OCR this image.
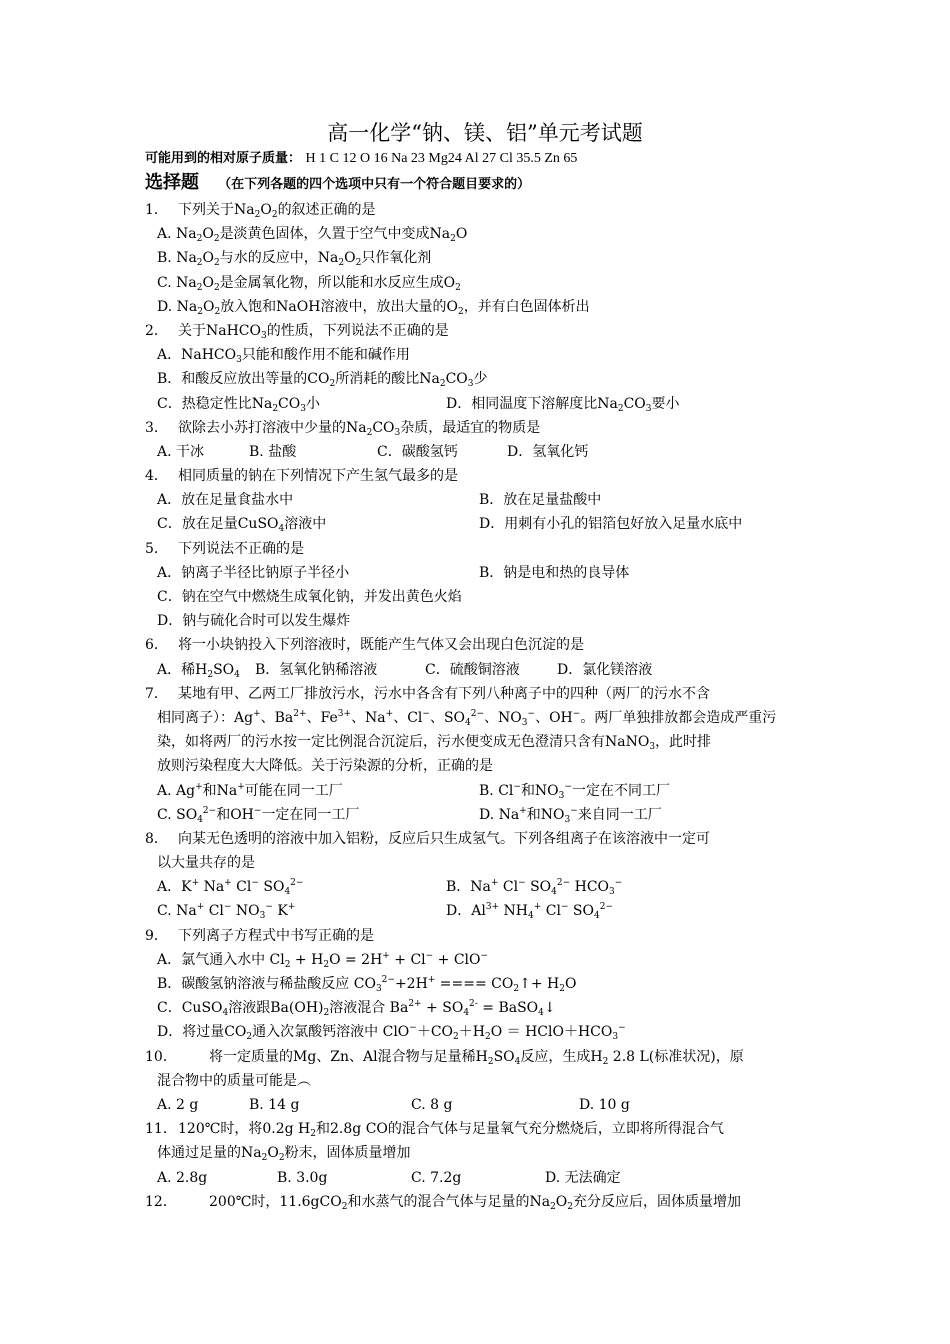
高一化学“钠、镁、铝”单元考试题
可能用到的相对原子质量： H 1 C 12 O 16 Na 23 Mg24 Al 27 Cl 35.5 Zn 65
选择题 （在下列各题的四个选项中只有一个符合题目要求的）
1． 下列关于$Na_2O_2$的叙述正确的是
A. $Na_2O_2$是淡黄色固体，久置于空气中变成$Na_2O$
B. $Na_2O_2$与水的反应中，$Na_2O_2$只作氧化剂
C. $Na_2O_2$是金属氧化物，所以能和水反应生成$O_2$
D. $Na_2O_2$放入饱和NaOH溶液中，放出大量的$O_2$，并有白色固体析出
2． 关于NaHCO$_3$的性质，下列说法不正确的是
A．NaHCO$_3$只能和酸作用不能和碱作用
B．和酸反应放出等量的$CO_2$所消耗的酸比$Na_2CO_3$少
C．热稳定性比$Na_2CO_3$小	D．相同温度下溶解度比$Na_2CO_3$要小
3． 欲除去小苏打溶液中少量的$Na_2CO_3$杂质，最适宜的物质是
A. 干冰	B. 盐酸	C．碳酸氢钙	D．氢氧化钙
4． 相同质量的钠在下列情况下产生氢气最多的是
A．放在足量食盐水中	B．放在足量盐酸中
C．放在足量CuSO$_4$溶液中	D．用刺有小孔的铝箔包好放入足量水底中
5． 下列说法不正确的是
A．钠离子半径比钠原子半径小	B．钠是电和热的良导体
C．钠在空气中燃烧生成氧化钠，并发出黄色火焰
D．钠与硫化合时可以发生爆炸
6． 将一小块钠投入下列溶液时，既能产生气体又会出现白色沉淀的是
A．稀$H_2SO_4$ B．氢氧化钠稀溶液	C．硫酸铜溶液	D．氯化镁溶液
7． 某地有甲、乙两工厂排放污水，污水中各含有下列八种离子中的四种（两厂的污水不含
相同离子）：Ag+、$Ba^{2+}$、$Fe^{3+}$、Na+、Cl−、$SO_4^{2-}$、$NO_3^-$、OH−。两厂单独排放都会造成严重污
染，如将两厂的污水按一定比例混合沉淀后，污水便变成无色澄清只含有NaNO$_3$，此时排
放则污染程度大大降低。关于污染源的分析，正确的是
A. Ag+和Na+可能在同一工厂	B. Cl−和$NO_3^-$一定在不同工厂
C. $SO_4^{2-}$和OH−一定在同一工厂	D. Na+和$NO_3^-$来自同一工厂
8． 向某无色透明的溶液中加入铝粉，反应后只生成氢气。下列各组离子在该溶液中一定可
以大量共存的是
A．K+ Na+ Cl− $SO_4^{2-}$	B．Na+ Cl− $SO_4^{2-}$ $HCO_3^-$
C. Na+ Cl− $NO_3^-$ K+	D．$Al^{3+}$ $NH_4^+$ Cl− $SO_4^{2-}$
9． 下列离子方程式中书写正确的是
A．氯气通入水中 $Cl_2 + H_2O = 2H^+ + Cl^- + ClO^-$
B．碳酸氢钠溶液与稀盐酸反应 $CO_3^{2-}+2H^+$ ==== $CO_2↑+ H_2O$
C．CuSO$_4$溶液跟$Ba(OH)_2$溶液混合 $Ba^{2+} + SO_4^{2-}$ = BaSO$_4$↓
D．将过量$CO_2$通入次氯酸钙溶液中 $ClO^-+CO_2+H_2O$ ＝ $HClO+HCO_3^-$
10． 将一定质量的Mg、Zn、Al混合物与足量稀$H_2SO_4$反应，生成$H_2$ 2.8 L(标准状况)，原
混合物中的质量可能是︵
A. 2 g	B. 14 g	C. 8 g	D. 10 g
11．120℃时，将0.2g $H_2$和2.8g CO的混合气体与足量氧气充分燃烧后，立即将所得混合气
体通过足量的$Na_2O_2$粉末，固体质量增加
A. 2.8g	B. 3.0g	C. 7.2g	D. 无法确定
12． 200℃时，11.6gCO$_2$和水蒸气的混合气体与足量的$Na_2O_2$充分反应后，固体质量增加
